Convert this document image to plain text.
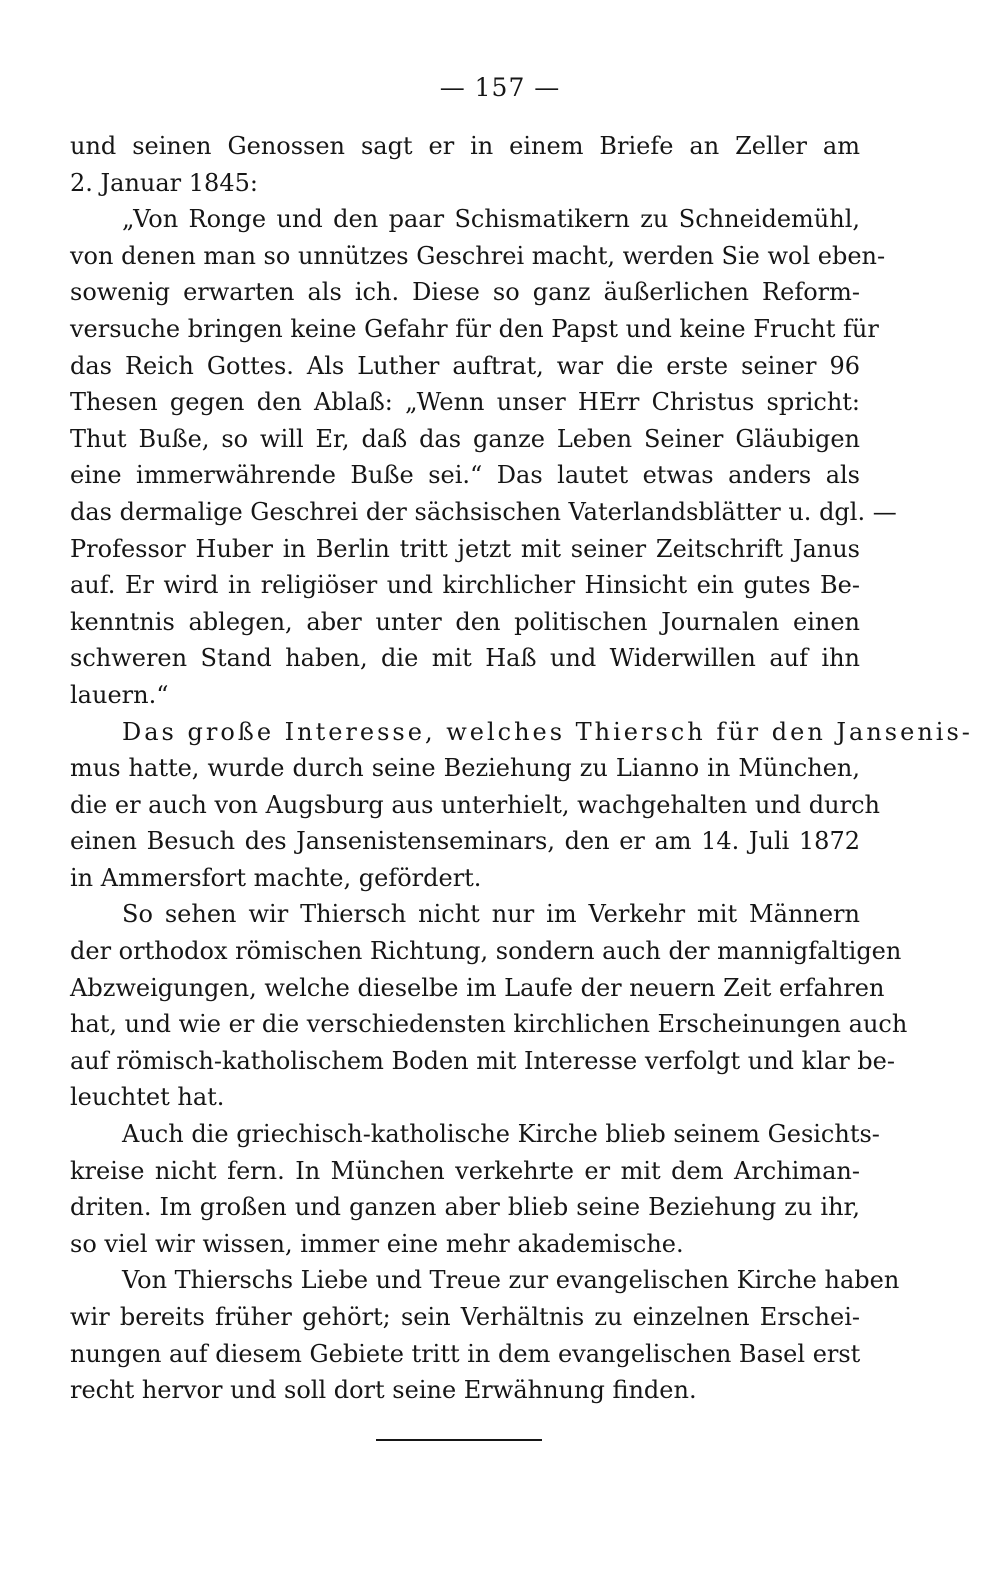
— 157 —
und seinen Genossen sagt er in einem Briefe an Zeller am
2. Januar 1845:
„Von Ronge und den paar Schismatikern zu Schneidemühl,
von denen man so unnützes Geschrei macht, werden Sie wol eben-
sowenig erwarten als ich. Diese so ganz äußerlichen Reform-
versuche bringen keine Gefahr für den Papst und keine Frucht für
das Reich Gottes. Als Luther auftrat, war die erste seiner 96
Thesen gegen den Ablaß: „Wenn unser HErr Christus spricht:
Thut Buße, so will Er, daß das ganze Leben Seiner Gläubigen
eine immerwährende Buße sei.“ Das lautet etwas anders als
das dermalige Geschrei der sächsischen Vaterlandsblätter u. dgl. —
Professor Huber in Berlin tritt jetzt mit seiner Zeitschrift Janus
auf. Er wird in religiöser und kirchlicher Hinsicht ein gutes Be-
kenntnis ablegen, aber unter den politischen Journalen einen
schweren Stand haben, die mit Haß und Widerwillen auf ihn
lauern.“
Das große Interesse, welches Thiersch für den Jansenis-
mus hatte, wurde durch seine Beziehung zu Lianno in München,
die er auch von Augsburg aus unterhielt, wachgehalten und durch
einen Besuch des Jansenistenseminars, den er am 14. Juli 1872
in Ammersfort machte, gefördert.
So sehen wir Thiersch nicht nur im Verkehr mit Männern
der orthodox römischen Richtung, sondern auch der mannigfaltigen
Abzweigungen, welche dieselbe im Laufe der neuern Zeit erfahren
hat, und wie er die verschiedensten kirchlichen Erscheinungen auch
auf römisch-katholischem Boden mit Interesse verfolgt und klar be-
leuchtet hat.
Auch die griechisch-katholische Kirche blieb seinem Gesichts-
kreise nicht fern. In München verkehrte er mit dem Archiman-
driten. Im großen und ganzen aber blieb seine Beziehung zu ihr,
so viel wir wissen, immer eine mehr akademische.
Von Thierschs Liebe und Treue zur evangelischen Kirche haben
wir bereits früher gehört; sein Verhältnis zu einzelnen Erschei-
nungen auf diesem Gebiete tritt in dem evangelischen Basel erst
recht hervor und soll dort seine Erwähnung finden.
